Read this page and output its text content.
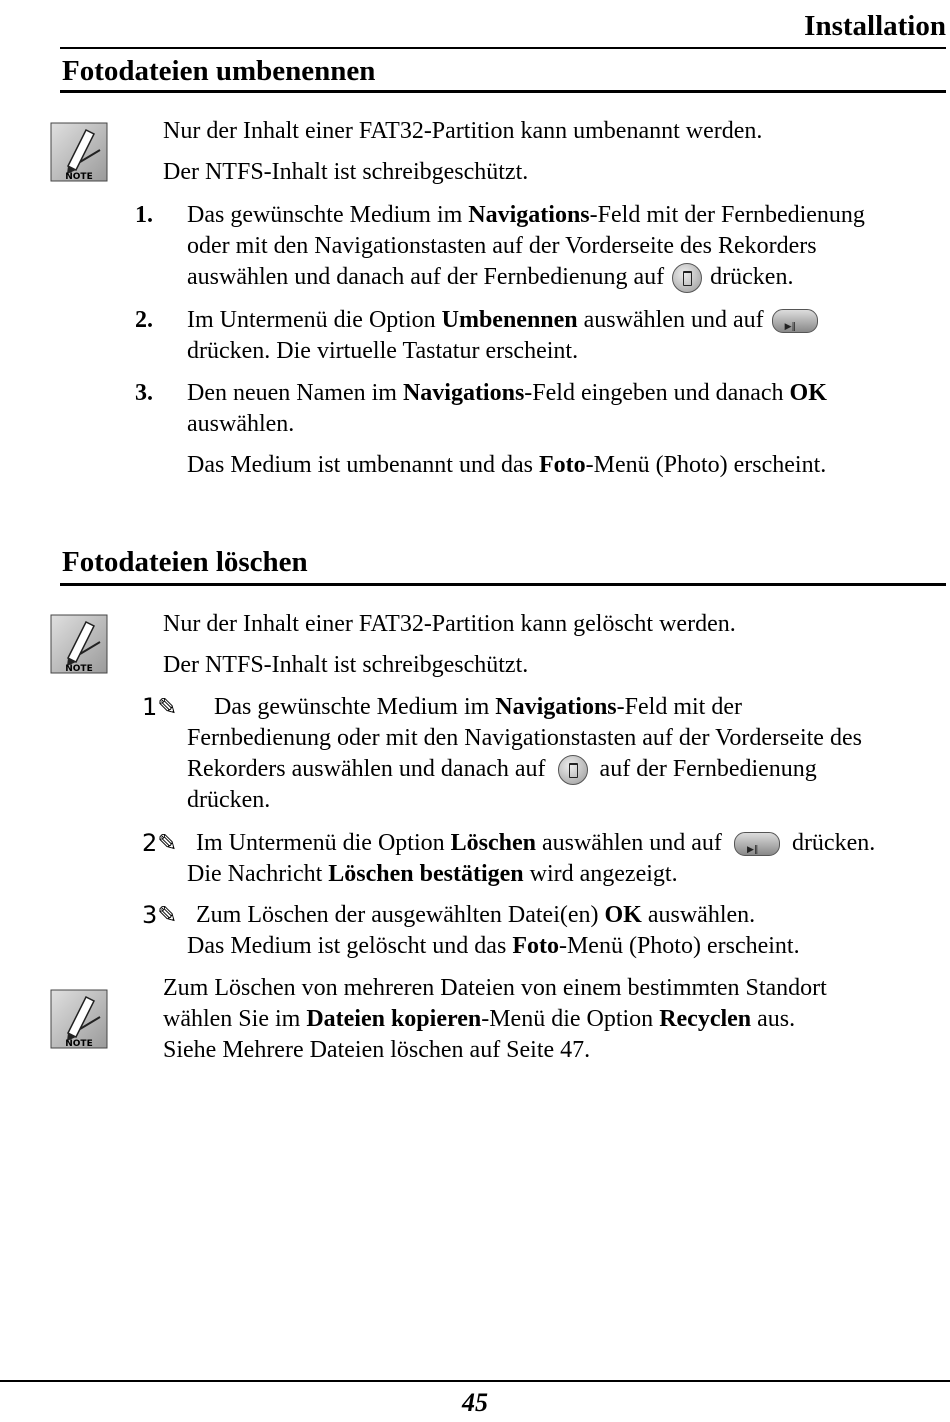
Installation
Fotodateien umbenennen
NOTE
Nur der Inhalt einer FAT32-Partition kann umbenannt werden.
Der NTFS-Inhalt ist schreibgeschützt.
1. Das gewünschte Medium im Navigations-Feld mit der Fernbedienung
oder mit den Navigationstasten auf der Vorderseite des Rekorders
auswählen und danach auf der Fernbedienung auf drücken.
2. Im Untermenü die Option Umbenennen auswählen und auf▶‖
drücken. Die virtuelle Tastatur erscheint.
3. Den neuen Namen im Navigations-Feld eingeben und danach OK
auswählen.
Das Medium ist umbenannt und das Foto-Menü (Photo) erscheint.
Fotodateien löschen
NOTE
Nur der Inhalt einer FAT32-Partition kann gelöscht werden.
Der NTFS-Inhalt ist schreibgeschützt.
1✎ Das gewünschte Medium im Navigations-Feld mit der
Fernbedienung oder mit den Navigationstasten auf der Vorderseite des
Rekorders auswählen und danach auf auf der Fernbedienung
drücken.
2✎ Im Untermenü die Option Löschen auswählen und auf▶‖	drücken.
Die Nachricht Löschen bestätigen wird angezeigt.
3✎ Zum Löschen der ausgewählten Datei(en) OK auswählen.
Das Medium ist gelöscht und das Foto-Menü (Photo) erscheint.
NOTE
Zum Löschen von mehreren Dateien von einem bestimmten Standort
wählen Sie im Dateien kopieren-Menü die Option Recyclen aus.
Siehe Mehrere Dateien löschen auf Seite 47.
45
